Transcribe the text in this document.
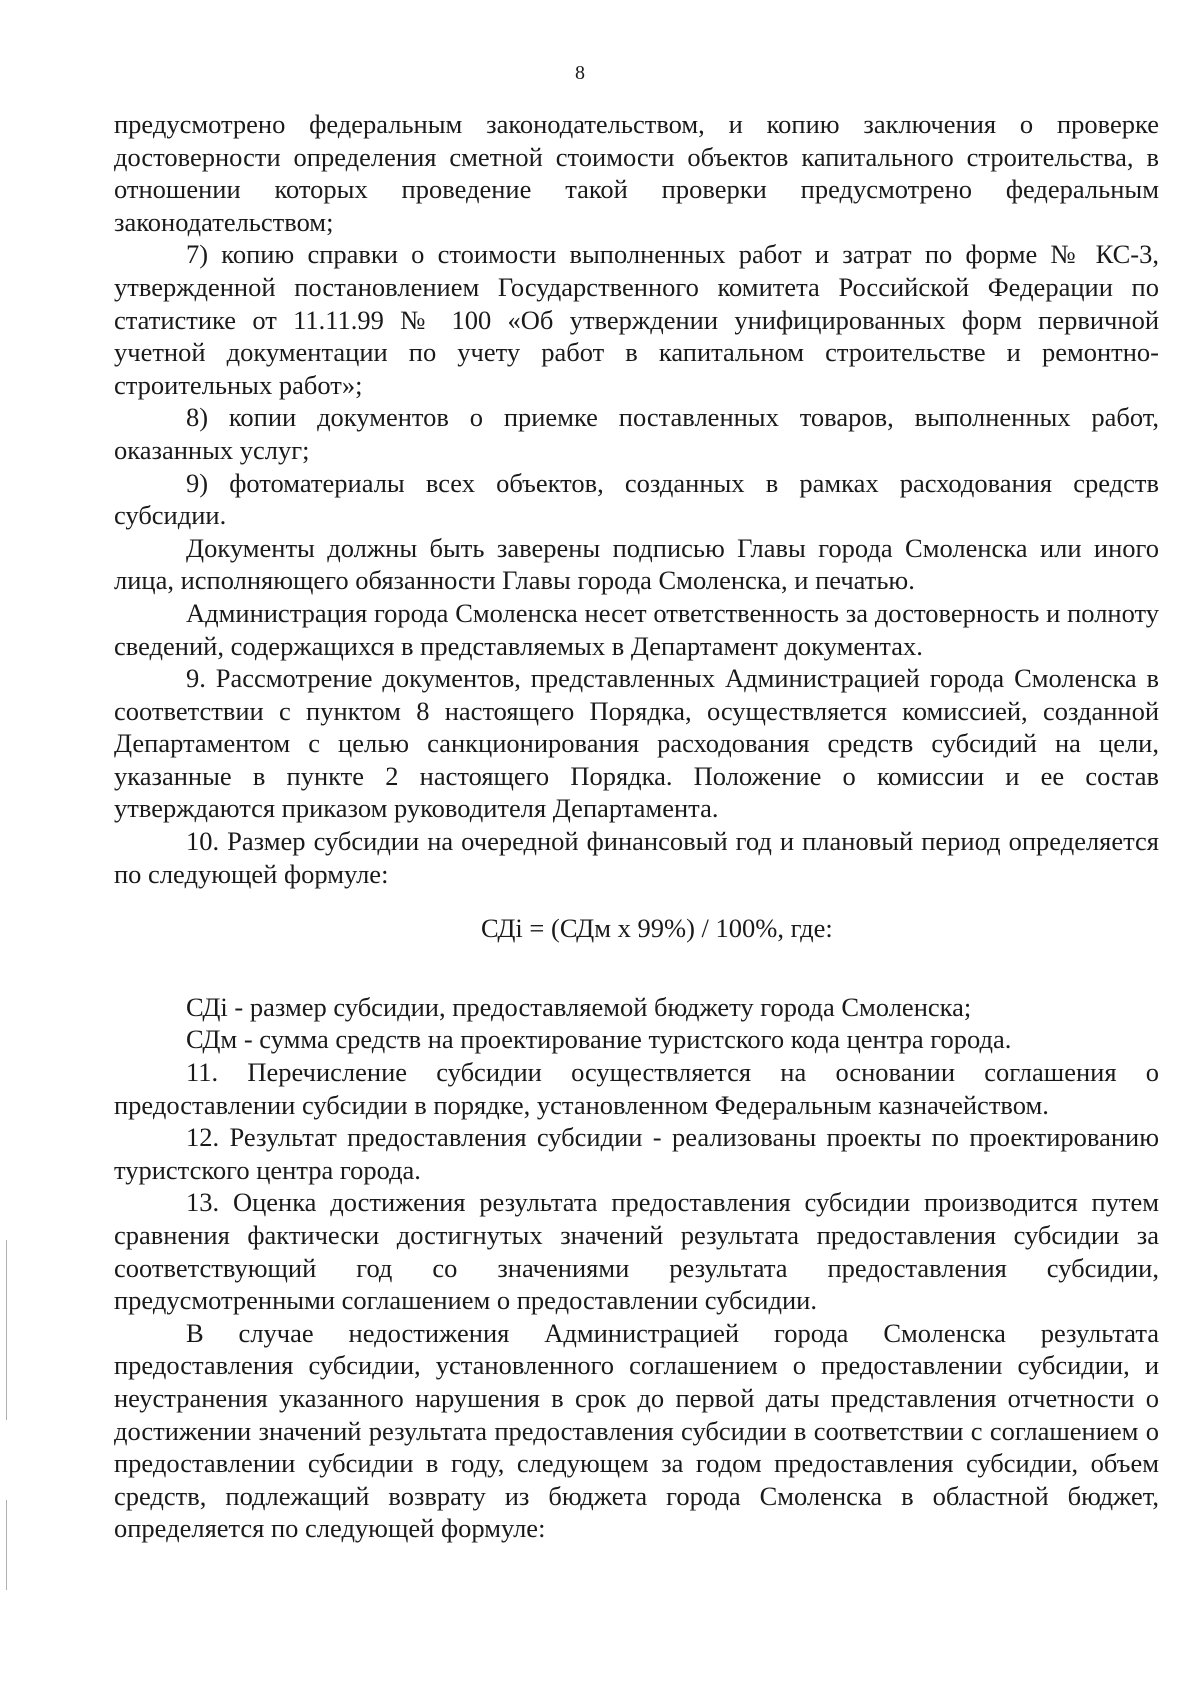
8

предусмотрено федеральным законодательством, и копию заключения о проверке достоверности определения сметной стоимости объектов капитального строительства, в отношении которых проведение такой проверки предусмотрено федеральным законодательством;

7) копию справки о стоимости выполненных работ и затрат по форме № КС-3, утвержденной постановлением Государственного комитета Российской Федерации по статистике от 11.11.99 № 100 «Об утверждении унифицированных форм первичной учетной документации по учету работ в капитальном строительстве и ремонтно-строительных работ»;

8) копии документов о приемке поставленных товаров, выполненных работ, оказанных услуг;

9) фотоматериалы всех объектов, созданных в рамках расходования средств субсидии.

Документы должны быть заверены подписью Главы города Смоленска или иного лица, исполняющего обязанности Главы города Смоленска, и печатью.

Администрация города Смоленска несет ответственность за достоверность и полноту сведений, содержащихся в представляемых в Департамент документах.

9. Рассмотрение документов, представленных Администрацией города Смоленска в соответствии с пунктом 8 настоящего Порядка, осуществляется комиссией, созданной Департаментом с целью санкционирования расходования средств субсидий на цели, указанные в пункте 2 настоящего Порядка. Положение о комиссии и ее состав утверждаются приказом руководителя Департамента.

10. Размер субсидии на очередной финансовый год и плановый период определяется по следующей формуле:

СДi = (СДм x 99%) / 100%, где:

СДi - размер субсидии, предоставляемой бюджету города Смоленска;

СДм - сумма средств на проектирование туристского кода центра города.

11. Перечисление субсидии осуществляется на основании соглашения о предоставлении субсидии в порядке, установленном Федеральным казначейством.

12. Результат предоставления субсидии - реализованы проекты по проектированию туристского центра города.

13. Оценка достижения результата предоставления субсидии производится путем сравнения фактически достигнутых значений результата предоставления субсидии за соответствующий год со значениями результата предоставления субсидии, предусмотренными соглашением о предоставлении субсидии.

В случае недостижения Администрацией города Смоленска результата предоставления субсидии, установленного соглашением о предоставлении субсидии, и неустранения указанного нарушения в срок до первой даты представления отчетности о достижении значений результата предоставления субсидии в соответствии с соглашением о предоставлении субсидии в году, следующем за годом предоставления субсидии, объем средств, подлежащий возврату из бюджета города Смоленска в областной бюджет, определяется по следующей формуле:
